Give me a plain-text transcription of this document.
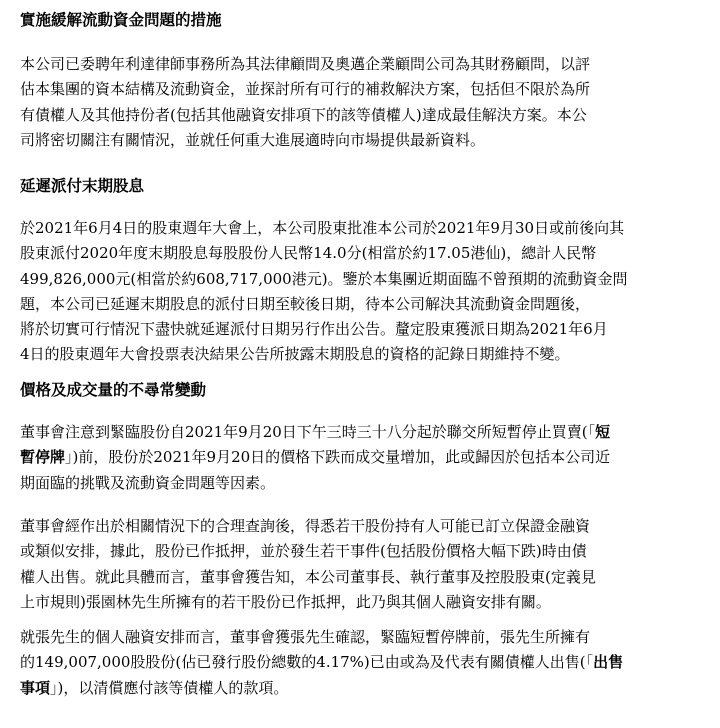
實施緩解流動資金問題的措施
本公司已委聘年利達律師事務所為其法律顧問及奧邁企業顧問公司為其財務顧問，以評
估本集團的資本結構及流動資金，並探討所有可行的補救解決方案，包括但不限於為所
有債權人及其他持份者(包括其他融資安排項下的該等債權人)達成最佳解決方案。本公
司將密切關注有關情況，並就任何重大進展適時向市場提供最新資料。
延遲派付末期股息
於2021年6月4日的股東週年大會上，本公司股東批准本公司於2021年9月30日或前後向其
股東派付2020年度末期股息每股股份人民幣14.0分(相當於約17.05港仙)，總計人民幣
499,826,000元(相當於約608,717,000港元)。鑒於本集團近期面臨不曾預期的流動資金問
題，本公司已延遲末期股息的派付日期至較後日期，待本公司解決其流動資金問題後，
將於切實可行情況下盡快就延遲派付日期另行作出公告。釐定股東獲派日期為2021年6月
4日的股東週年大會投票表決結果公告所披露末期股息的資格的記錄日期維持不變。
價格及成交量的不尋常變動
董事會注意到緊臨股份自2021年9月20日下午三時三十八分起於聯交所短暫停止買賣(「短
暫停牌」)前，股份於2021年9月20日的價格下跌而成交量增加，此或歸因於包括本公司近
期面臨的挑戰及流動資金問題等因素。
董事會經作出於相關情況下的合理查詢後，得悉若干股份持有人可能已訂立保證金融資
或類似安排，據此，股份已作抵押，並於發生若干事件(包括股份價格大幅下跌)時由債
權人出售。就此具體而言，董事會獲告知，本公司董事長、執行董事及控股股東(定義見
上市規則)張園林先生所擁有的若干股份已作抵押，此乃與其個人融資安排有關。
就張先生的個人融資安排而言，董事會獲張先生確認，緊臨短暫停牌前，張先生所擁有
的149,007,000股股份(佔已發行股份總數的4.17%)已由或為及代表有關債權人出售(「出售
事項」)，以清償應付該等債權人的款項。
